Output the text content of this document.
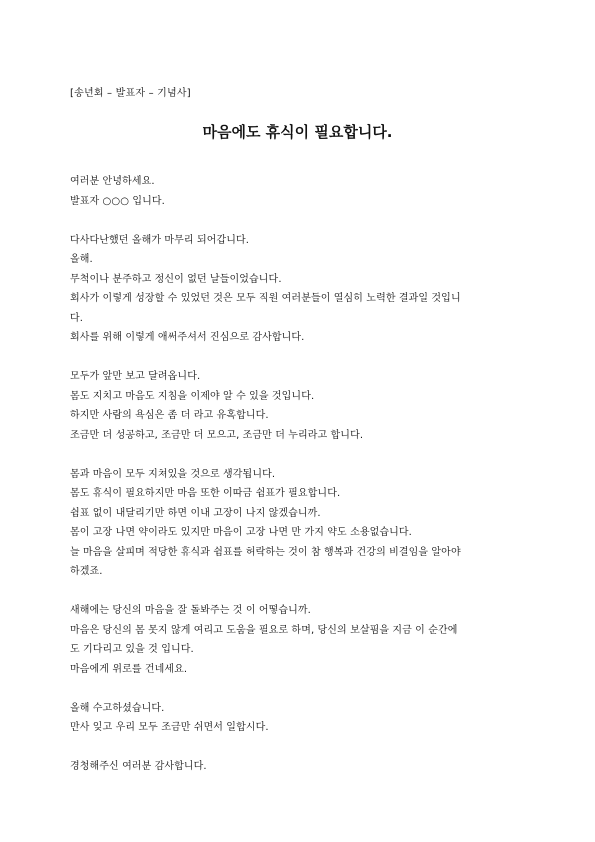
[송년회 – 발표자 – 기념사]
마음에도 휴식이 필요합니다.
여러분 안녕하세요.
발표자 ○○○ 입니다.
다사다난했던 올해가 마무리 되어갑니다.
올해.
무척이나 분주하고 정신이 없던 날들이었습니다.
회사가 이렇게 성장할 수 있었던 것은 모두 직원 여러분들이 열심히 노력한 결과일 것입니
다.
회사를 위해 이렇게 애써주셔서 진심으로 감사합니다.
모두가 앞만 보고 달려옵니다.
몸도 지치고 마음도 지침을 이제야 알 수 있을 것입니다.
하지만 사람의 욕심은 좀 더 라고 유혹합니다.
조금만 더 성공하고, 조금만 더 모으고, 조금만 더 누리라고 합니다.
몸과 마음이 모두 지쳐있을 것으로 생각됩니다.
몸도 휴식이 필요하지만 마음 또한 이따금 쉼표가 필요합니다.
쉼표 없이 내달리기만 하면 이내 고장이 나지 않겠습니까.
몸이 고장 나면 약이라도 있지만 마음이 고장 나면 만 가지 약도 소용없습니다.
늘 마음을 살피며 적당한 휴식과 쉼표를 허락하는 것이 참 행복과 건강의 비결임을 알아야
하겠죠.
새해에는 당신의 마음을 잘 돌봐주는 것 이 어떻습니까.
마음은 당신의 몸 못지 않게 여리고 도움을 필요로 하며, 당신의 보살핌을 지금 이 순간에
도 기다리고 있을 것 입니다.
마음에게 위로를 건네세요.
올해 수고하셨습니다.
만사 잊고 우리 모두 조금만 쉬면서 일합시다.
경청해주신 여러분 감사합니다.
